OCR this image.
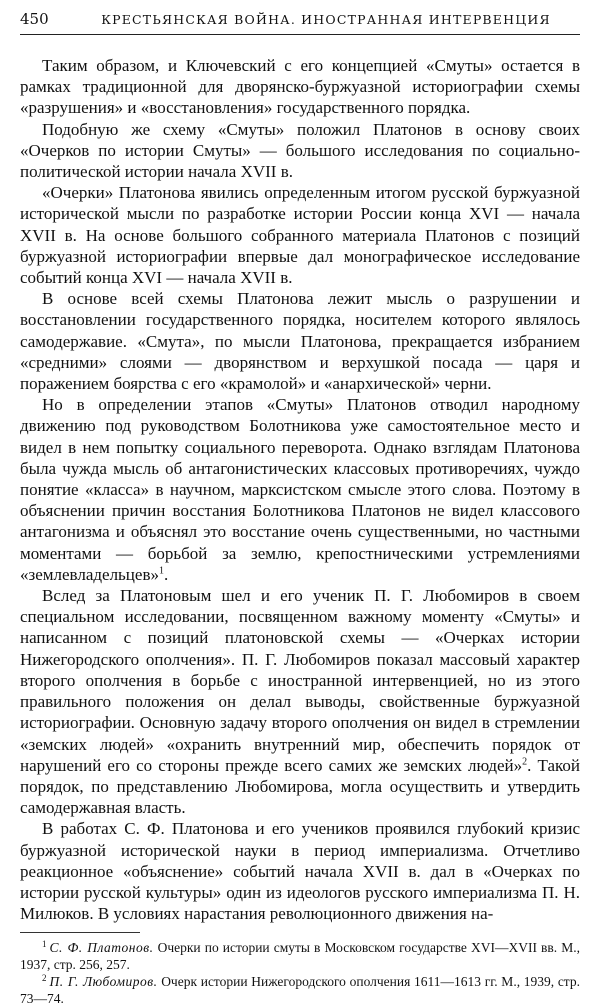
450	КРЕСТЬЯНСКАЯ ВОЙНА. ИНОСТРАННАЯ ИНТЕРВЕНЦИЯ

Таким образом, и Ключевский с его концепцией «Смуты» остается в рамках традиционной для дворянско-буржуазной историографии схемы «разрушения» и «восстановления» государственного порядка.

Подобную же схему «Смуты» положил Платонов в основу своих «Очерков по истории Смуты» — большого исследования по социально-политической истории начала XVII в.

«Очерки» Платонова явились определенным итогом русской буржуазной исторической мысли по разработке истории России конца XVI — начала XVII в. На основе большого собранного материала Платонов с позиций буржуазной историографии впервые дал монографическое исследование событий конца XVI — начала XVII в.

В основе всей схемы Платонова лежит мысль о разрушении и восстановлении государственного порядка, носителем которого являлось самодержавие. «Смута», по мысли Платонова, прекращается избранием «средними» слоями — дворянством и верхушкой посада — царя и поражением боярства с его «крамолой» и «анархической» черни.

Но в определении этапов «Смуты» Платонов отводил народному движению под руководством Болотникова уже самостоятельное место и видел в нем попытку социального переворота. Однако взглядам Платонова была чужда мысль об антагонистических классовых противоречиях, чуждо понятие «класса» в научном, марксистском смысле этого слова. Поэтому в объяснении причин восстания Болотникова Платонов не видел классового антагонизма и объяснял это восстание очень существенными, но частными моментами — борьбой за землю, крепостническими устремлениями «землевладельцев»$^1$.

Вслед за Платоновым шел и его ученик П. Г. Любомиров в своем специальном исследовании, посвященном важному моменту «Смуты» и написанном с позиций платоновской схемы — «Очерках истории Нижегородского ополчения». П. Г. Любомиров показал массовый характер второго ополчения в борьбе с иностранной интервенцией, но из этого правильного положения он делал выводы, свойственные буржуазной историографии. Основную задачу второго ополчения он видел в стремлении «земских людей» «охранить внутренний мир, обеспечить порядок от нарушений его со стороны прежде всего самих же земских людей»$^2$. Такой порядок, по представлению Любомирова, могла осуществить и утвердить самодержавная власть.

В работах С. Ф. Платонова и его учеников проявился глубокий кризис буржуазной исторической науки в период империализма. Отчетливо реакционное «объяснение» событий начала XVII в. дал в «Очерках по истории русской культуры» один из идеологов русского империализма П. Н. Милюков. В условиях нарастания революционного движения на-

$^1$ С. Ф. Платонов. Очерки по истории смуты в Московском государстве XVI—XVII вв. М., 1937, стр. 256, 257.

$^2$ П. Г. Любомиров. Очерк истории Нижегородского ополчения 1611—1613 гг. М., 1939, стр. 73—74.
